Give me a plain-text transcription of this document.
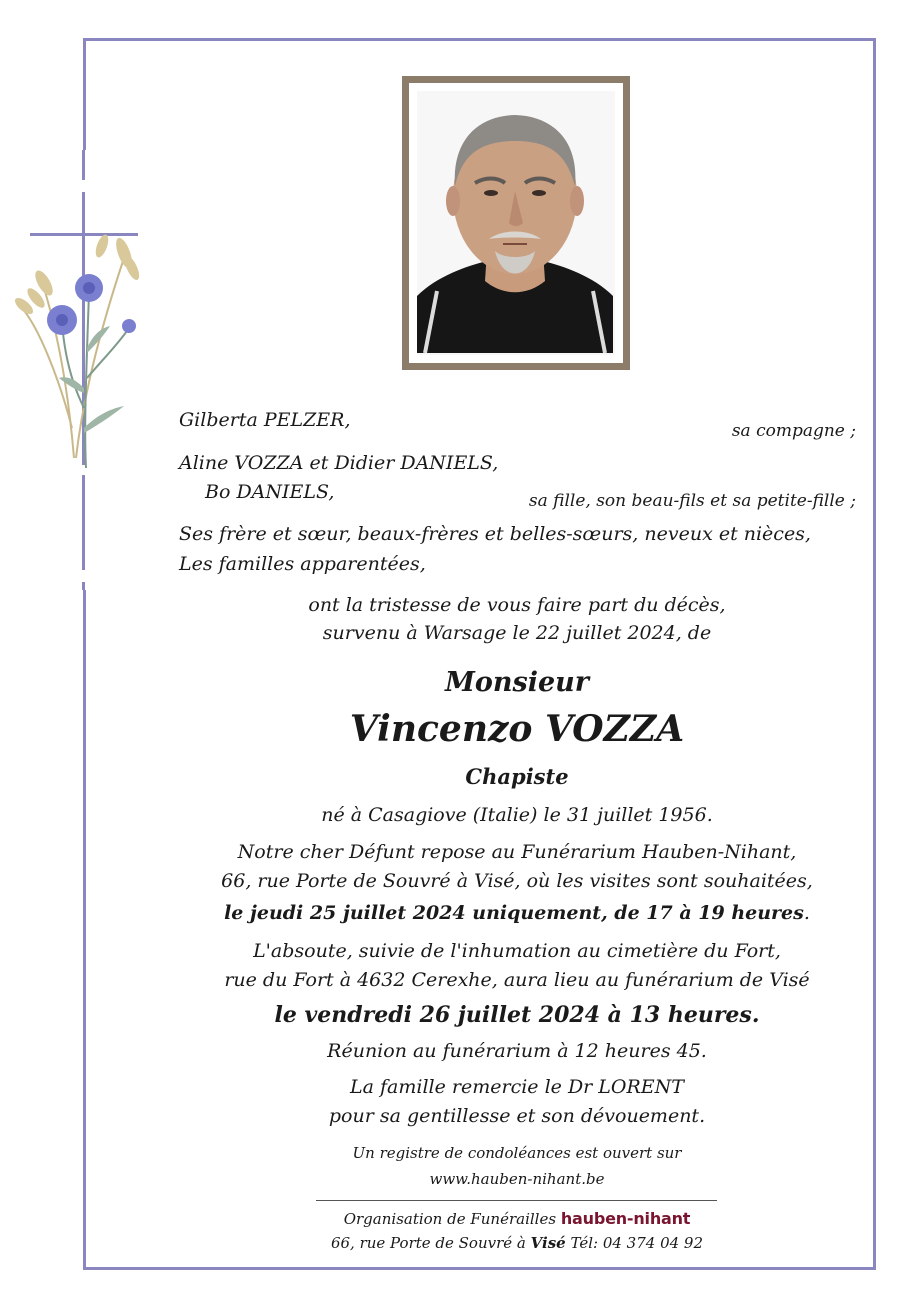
Gilberta PELZER,	sa compagne ;
Aline VOZZA et Didier DANIELS,
Bo DANIELS,	sa fille, son beau-fils et sa petite-fille ;
Ses frère et sœur, beaux-frères et belles-sœurs, neveux et nièces,
Les familles apparentées,
ont la tristesse de vous faire part du décès,
survenu à Warsage le 22 juillet 2024, de
Monsieur
Vincenzo VOZZA
Chapiste
né à Casagiove (Italie) le 31 juillet 1956.
Notre cher Défunt repose au Funérarium Hauben-Nihant,
66, rue Porte de Souvré à Visé, où les visites sont souhaitées,
le jeudi 25 juillet 2024 uniquement, de 17 à 19 heures.
L'absoute, suivie de l'inhumation au cimetière du Fort,
rue du Fort à 4632 Cerexhe, aura lieu au funérarium de Visé
le vendredi 26 juillet 2024 à 13 heures.
Réunion au funérarium à 12 heures 45.
La famille remercie le Dr LORENT
pour sa gentillesse et son dévouement.
Un registre de condoléances est ouvert sur
www.hauben-nihant.be
Organisation de Funérailles hauben-nihant
66, rue Porte de Souvré à Visé Tél: 04 374 04 92
